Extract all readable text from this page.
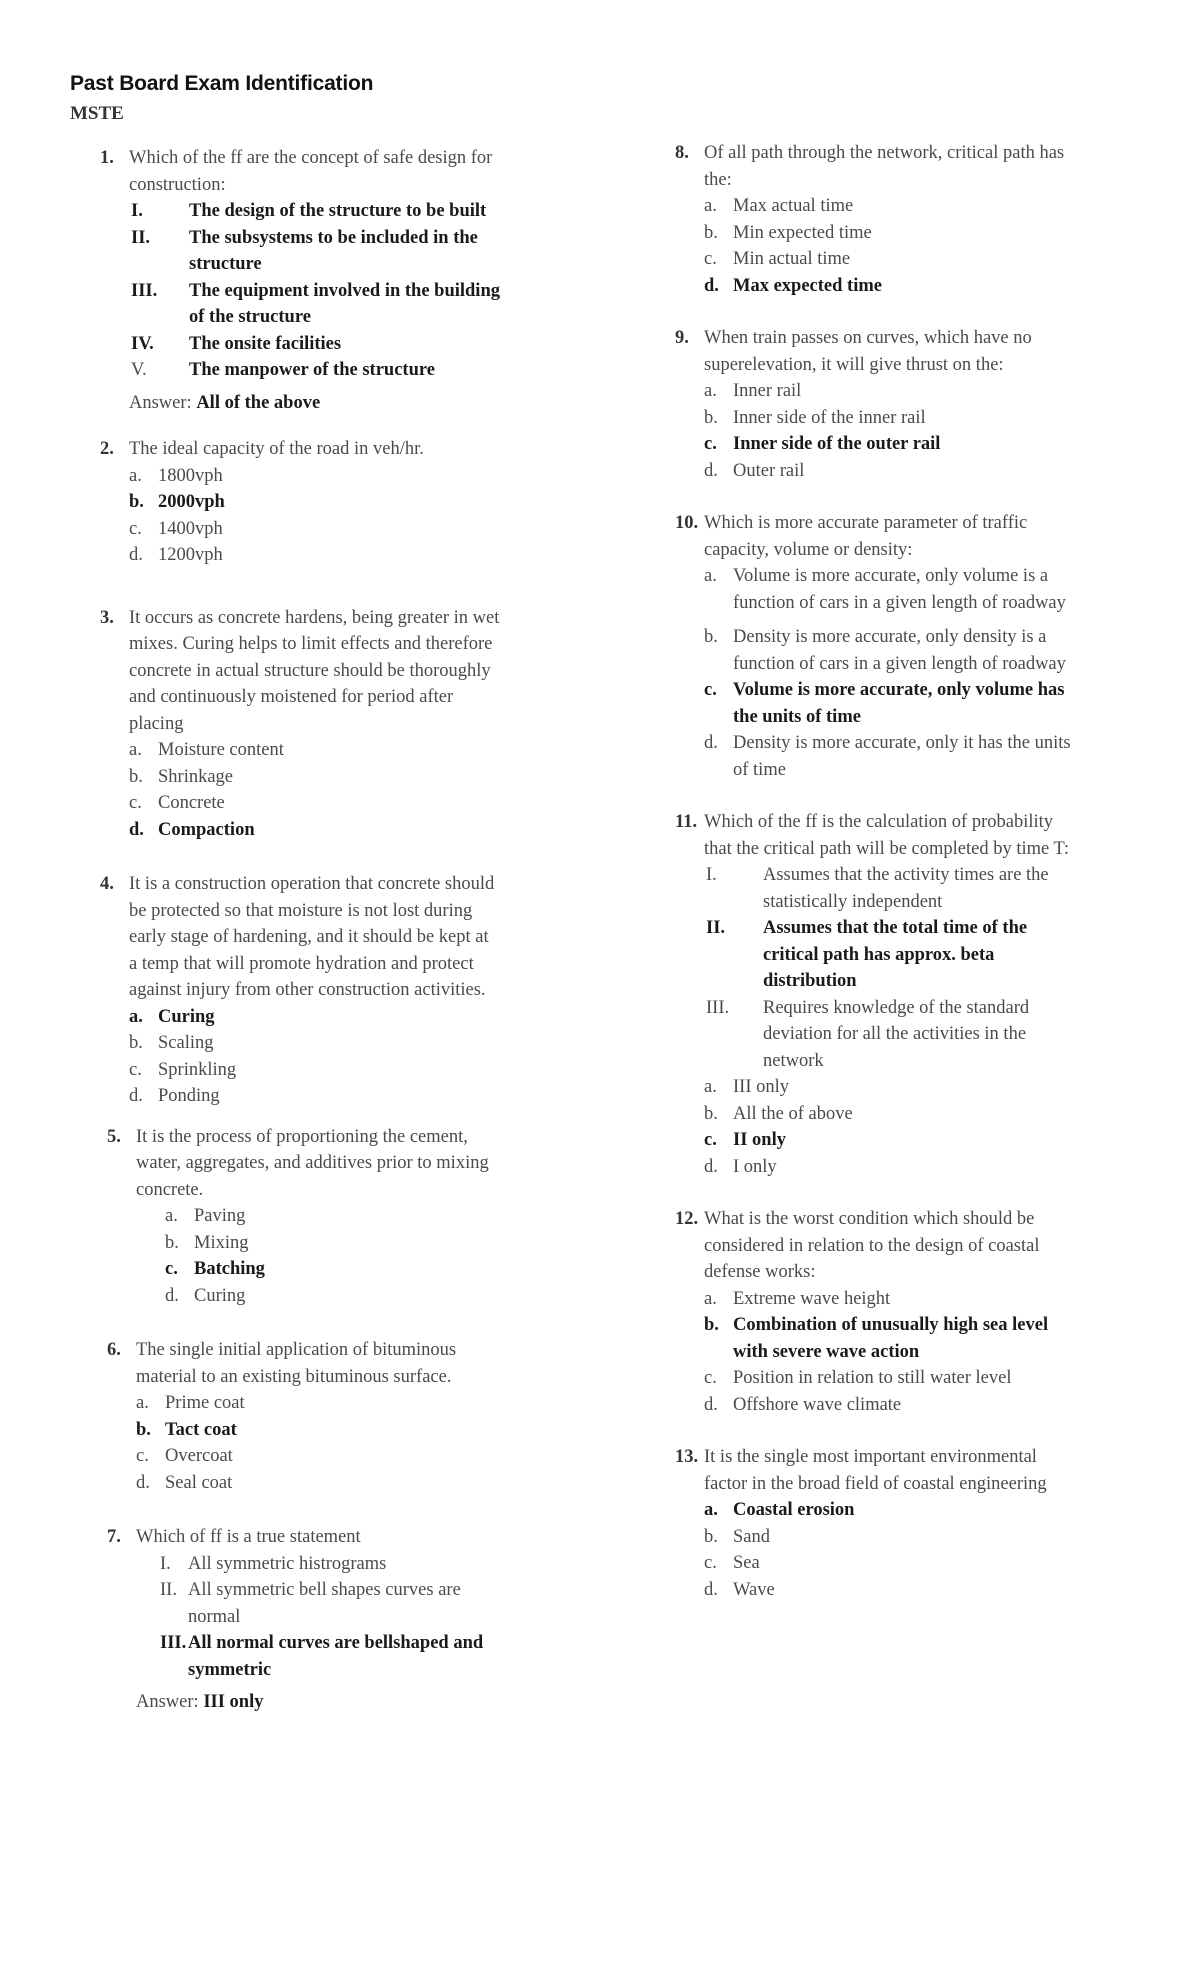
Past Board Exam Identification
MSTE
1. Which of the ff are the concept of safe design for construction:
I. The design of the structure to be built
II. The subsystems to be included in the structure
III. The equipment involved in the building of the structure
IV. The onsite facilities
V. The manpower of the structure
Answer: All of the above
2. The ideal capacity of the road in veh/hr.
a. 1800vph
b. 2000vph
c. 1400vph
d. 1200vph
3. It occurs as concrete hardens, being greater in wet mixes. Curing helps to limit effects and therefore concrete in actual structure should be thoroughly and continuously moistened for period after placing
a. Moisture content
b. Shrinkage
c. Concrete
d. Compaction
4. It is a construction operation that concrete should be protected so that moisture is not lost during early stage of hardening, and it should be kept at a temp that will promote hydration and protect against injury from other construction activities.
a. Curing
b. Scaling
c. Sprinkling
d. Ponding
5. It is the process of proportioning the cement, water, aggregates, and additives prior to mixing concrete.
a. Paving
b. Mixing
c. Batching
d. Curing
6. The single initial application of bituminous material to an existing bituminous surface.
a. Prime coat
b. Tact coat
c. Overcoat
d. Seal coat
7. Which of ff is a true statement
I. All symmetric histrograms
II. All symmetric bell shapes curves are normal
III. All normal curves are bellshaped and symmetric
Answer: III only
8. Of all path through the network, critical path has the:
a. Max actual time
b. Min expected time
c. Min actual time
d. Max expected time
9. When train passes on curves, which have no superelevation, it will give thrust on the:
a. Inner rail
b. Inner side of the inner rail
c. Inner side of the outer rail
d. Outer rail
10. Which is more accurate parameter of traffic capacity, volume or density:
a. Volume is more accurate, only volume is a function of cars in a given length of roadway
b. Density is more accurate, only density is a function of cars in a given length of roadway
c. Volume is more accurate, only volume has the units of time
d. Density is more accurate, only it has the units of time
11. Which of the ff is the calculation of probability that the critical path will be completed by time T:
I. Assumes that the activity times are the statistically independent
II. Assumes that the total time of the critical path has approx. beta distribution
III. Requires knowledge of the standard deviation for all the activities in the network
a. III only
b. All the of above
c. II only
d. I only
12. What is the worst condition which should be considered in relation to the design of coastal defense works:
a. Extreme wave height
b. Combination of unusually high sea level with severe wave action
c. Position in relation to still water level
d. Offshore wave climate
13. It is the single most important environmental factor in the broad field of coastal engineering
a. Coastal erosion
b. Sand
c. Sea
d. Wave
